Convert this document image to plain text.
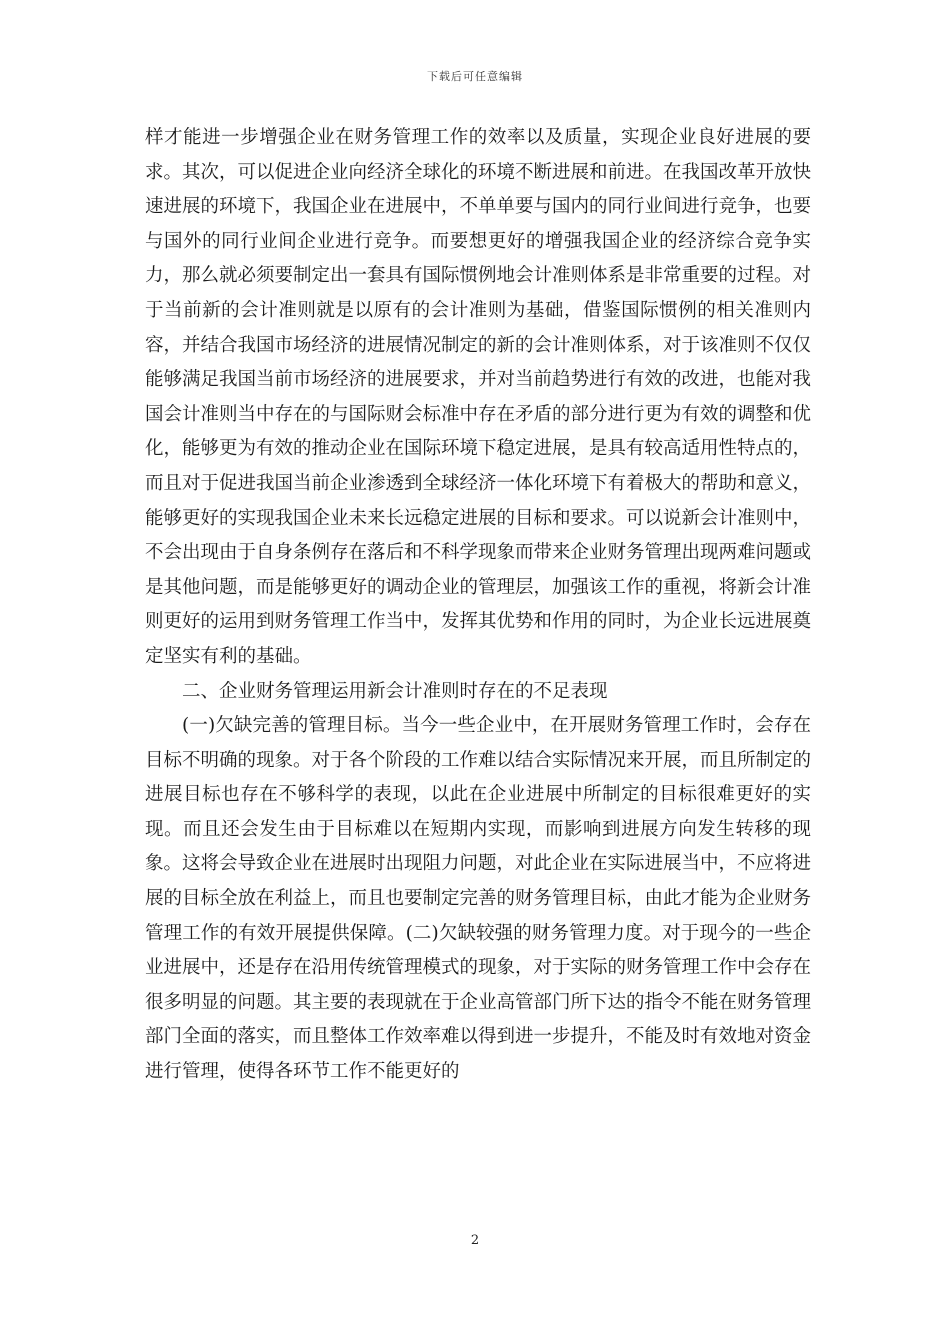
下载后可任意编辑

样才能进一步增强企业在财务管理工作的效率以及质量，实现企业良好进展的要求。其次，可以促进企业向经济全球化的环境不断进展和前进。在我国改革开放快速进展的环境下，我国企业在进展中，不单单要与国内的同行业间进行竞争，也要与国外的同行业间企业进行竞争。而要想更好的增强我国企业的经济综合竞争实力，那么就必须要制定出一套具有国际惯例地会计准则体系是非常重要的过程。对于当前新的会计准则就是以原有的会计准则为基础，借鉴国际惯例的相关准则内容，并结合我国市场经济的进展情况制定的新的会计准则体系，对于该准则不仅仅能够满足我国当前市场经济的进展要求，并对当前趋势进行有效的改进，也能对我国会计准则当中存在的与国际财会标准中存在矛盾的部分进行更为有效的调整和优化，能够更为有效的推动企业在国际环境下稳定进展，是具有较高适用性特点的，而且对于促进我国当前企业渗透到全球经济一体化环境下有着极大的帮助和意义，能够更好的实现我国企业未来长远稳定进展的目标和要求。可以说新会计准则中，不会出现由于自身条例存在落后和不科学现象而带来企业财务管理出现两难问题或是其他问题，而是能够更好的调动企业的管理层，加强该工作的重视，将新会计准则更好的运用到财务管理工作当中，发挥其优势和作用的同时，为企业长远进展奠定坚实有利的基础。

二、企业财务管理运用新会计准则时存在的不足表现

(一)欠缺完善的管理目标。当今一些企业中，在开展财务管理工作时，会存在目标不明确的现象。对于各个阶段的工作难以结合实际情况来开展，而且所制定的进展目标也存在不够科学的表现，以此在企业进展中所制定的目标很难更好的实现。而且还会发生由于目标难以在短期内实现，而影响到进展方向发生转移的现象。这将会导致企业在进展时出现阻力问题，对此企业在实际进展当中，不应将进展的目标全放在利益上，而且也要制定完善的财务管理目标，由此才能为企业财务管理工作的有效开展提供保障。(二)欠缺较强的财务管理力度。对于现今的一些企业进展中，还是存在沿用传统管理模式的现象，对于实际的财务管理工作中会存在很多明显的问题。其主要的表现就在于企业高管部门所下达的指令不能在财务管理部门全面的落实，而且整体工作效率难以得到进一步提升，不能及时有效地对资金进行管理，使得各环节工作不能更好的

2
